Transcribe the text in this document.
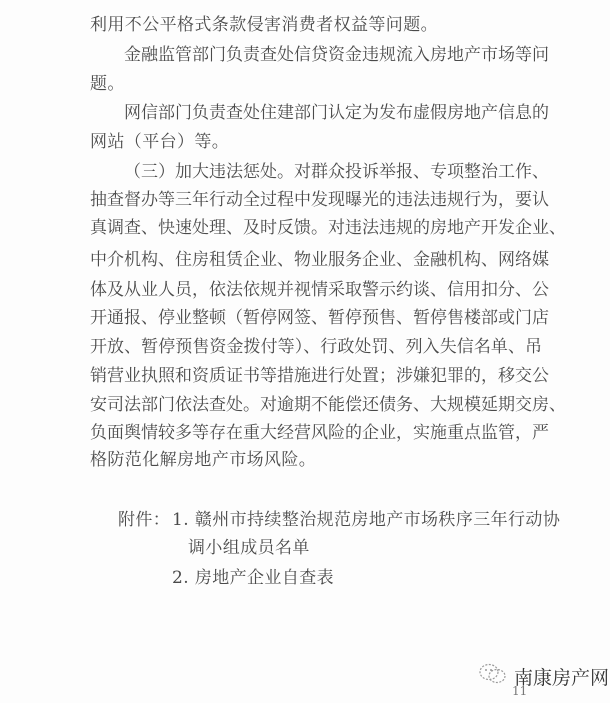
利用不公平格式条款侵害消费者权益等问题。
金融监管部门负责查处信贷资金违规流入房地产市场等问
题。
网信部门负责查处住建部门认定为发布虚假房地产信息的
网站（平台）等。
（三）加大违法惩处。对群众投诉举报、专项整治工作、
抽查督办等三年行动全过程中发现曝光的违法违规行为，要认
真调查、快速处理、及时反馈。对违法违规的房地产开发企业、
中介机构、住房租赁企业、物业服务企业、金融机构、网络媒
体及从业人员，依法依规并视情采取警示约谈、信用扣分、公
开通报、停业整顿（暂停网签、暂停预售、暂停售楼部或门店
开放、暂停预售资金拨付等）、行政处罚、列入失信名单、吊
销营业执照和资质证书等措施进行处置；涉嫌犯罪的，移交公
安司法部门依法查处。对逾期不能偿还债务、大规模延期交房、
负面舆情较多等存在重大经营风险的企业，实施重点监管，严
格防范化解房地产市场风险。
附件： 1. 赣州市持续整治规范房地产市场秩序三年行动协
调小组成员名单
2. 房地产企业自查表
11
南康房产网
